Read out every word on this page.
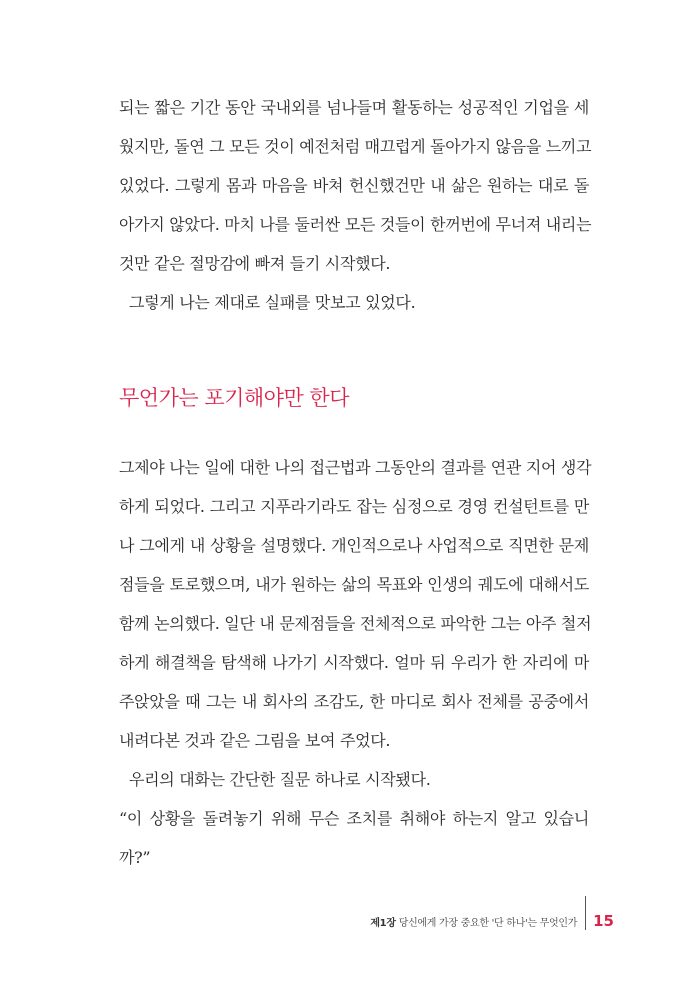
되는 짧은 기간 동안 국내외를 넘나들며 활동하는 성공적인 기업을 세
웠지만, 돌연 그 모든 것이 예전처럼 매끄럽게 돌아가지 않음을 느끼고
있었다. 그렇게 몸과 마음을 바쳐 헌신했건만 내 삶은 원하는 대로 돌
아가지 않았다. 마치 나를 둘러싼 모든 것들이 한꺼번에 무너져 내리는
것만 같은 절망감에 빠져 들기 시작했다.
그렇게 나는 제대로 실패를 맛보고 있었다.
무언가는 포기해야만 한다
그제야 나는 일에 대한 나의 접근법과 그동안의 결과를 연관 지어 생각
하게 되었다. 그리고 지푸라기라도 잡는 심정으로 경영 컨설턴트를 만
나 그에게 내 상황을 설명했다. 개인적으로나 사업적으로 직면한 문제
점들을 토로했으며, 내가 원하는 삶의 목표와 인생의 궤도에 대해서도
함께 논의했다. 일단 내 문제점들을 전체적으로 파악한 그는 아주 철저
하게 해결책을 탐색해 나가기 시작했다. 얼마 뒤 우리가 한 자리에 마
주앉았을 때 그는 내 회사의 조감도, 한 마디로 회사 전체를 공중에서
내려다본 것과 같은 그림을 보여 주었다.
우리의 대화는 간단한 질문 하나로 시작됐다.
“이 상황을 돌려놓기 위해 무슨 조치를 취해야 하는지 알고 있습니
까?”
제1장 당신에게 가장 중요한 '단 하나'는 무엇인가 15
